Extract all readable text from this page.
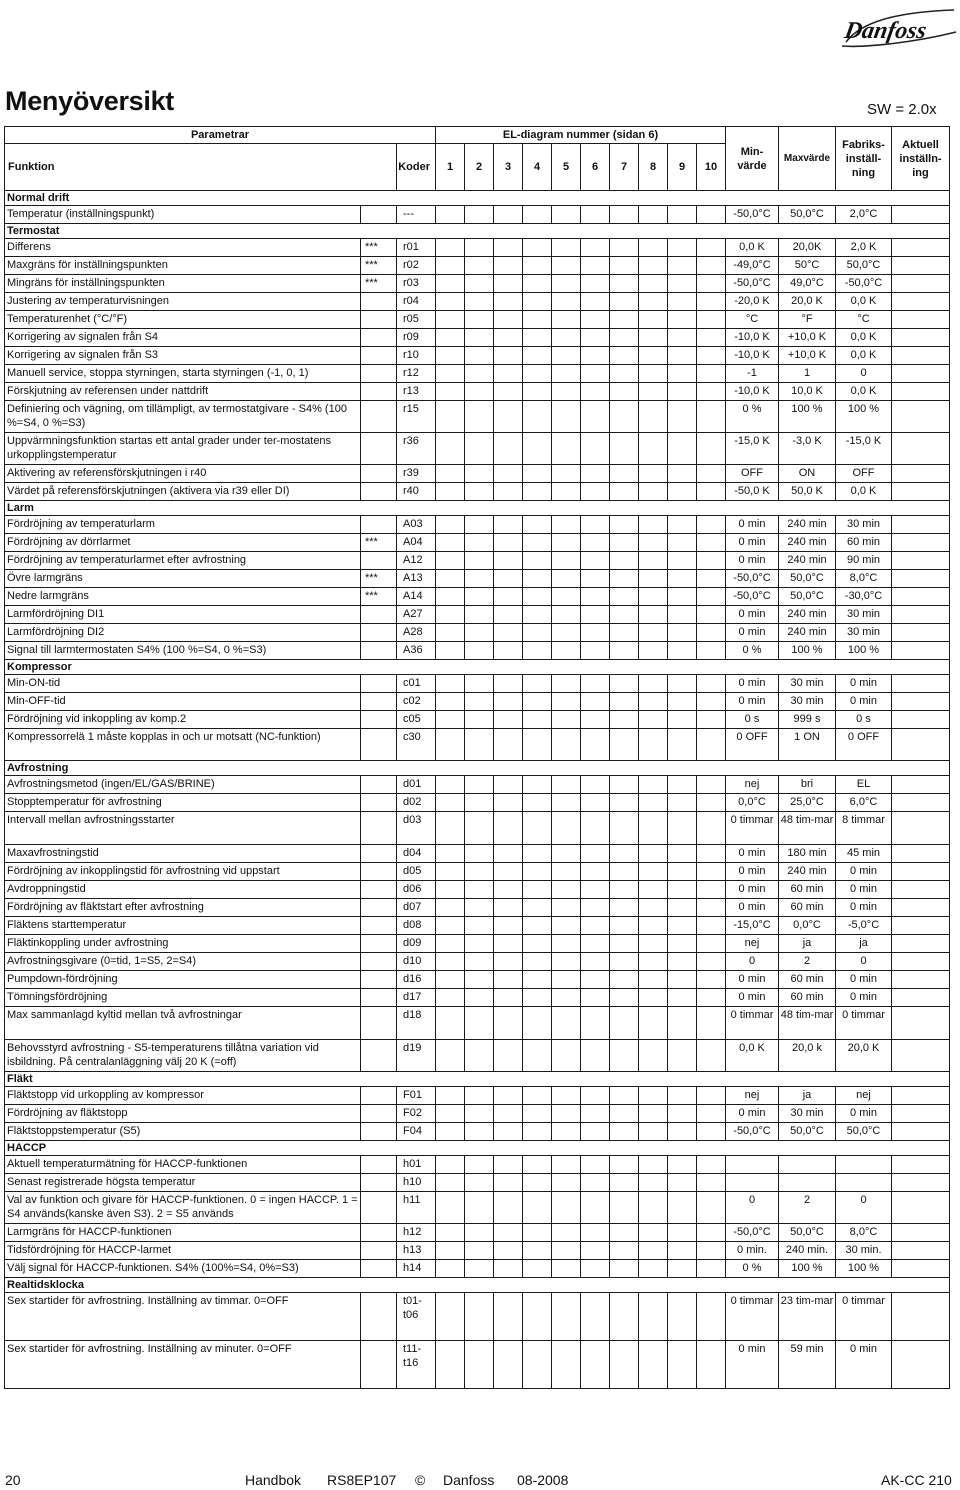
Danfoss
Menyöversikt	SW = 2.0x
Parametrar			EL-diagram nummer (sidan 6)										Min-värde	Maxvärde	Fabriks-inställ-ning	Aktuell inställn-ing
Funktion		Koder	1	2	3	4	5	6	7	8	9	10				
Normal drift																
Temperatur (inställningspunkt)		---											-50,0°C	50,0°C	2,0°C	
Termostat																
Differens	***	r01											0,0 K	20,0K	2,0 K	
Maxgräns för inställningspunkten	***	r02											-49,0°C	50°C	50,0°C	
Mingräns för inställningspunkten	***	r03											-50,0°C	49,0°C	-50,0°C	
Justering av temperaturvisningen		r04											-20,0 K	20,0 K	0,0 K	
Temperaturenhet (°C/°F)		r05											°C	°F	°C	
Korrigering av signalen från S4		r09											-10,0 K	+10,0 K	0,0 K	
Korrigering av signalen från S3		r10											-10,0 K	+10,0 K	0,0 K	
Manuell service, stoppa styrningen, starta styrningen (-1, 0, 1)		r12											-1	1	0	
Förskjutning av referensen under nattdrift		r13											-10,0 K	10,0 K	0,0 K	
Definiering och vägning, om tillämpligt, av termostatgivare - S4% (100 %=S4, 0 %=S3)		r15											0 %	100 %	100 %	
Uppvärmningsfunktion startas ett antal grader under ter-mostatens urkopplingstemperatur		r36											-15,0 K	-3,0 K	-15,0 K	
Aktivering av referensförskjutningen i r40		r39											OFF	ON	OFF	
Värdet på referensförskjutningen (aktivera via r39 eller DI)		r40											-50,0 K	50,0 K	0,0 K	
Larm																
Fördröjning av temperaturlarm		A03											0 min	240 min	30 min	
Fördröjning av dörrlarmet	***	A04											0 min	240 min	60 min	
Fördröjning av temperaturlarmet efter avfrostning		A12											0 min	240 min	90 min	
Övre larmgräns	***	A13											-50,0°C	50,0°C	8,0°C	
Nedre larmgräns	***	A14											-50,0°C	50,0°C	-30,0°C	
Larmfördröjning DI1		A27											0 min	240 min	30 min	
Larmfördröjning DI2		A28											0 min	240 min	30 min	
Signal till larmtermostaten S4% (100 %=S4, 0 %=S3)		A36											0 %	100 %	100 %	
Kompressor																
Min-ON-tid		c01											0 min	30 min	0 min	
Min-OFF-tid		c02											0 min	30 min	0 min	
Fördröjning vid inkoppling av komp.2		c05											0 s	999 s	0 s	
Kompressorrelä 1 måste kopplas in och ur motsatt (NC-funktion)		c30											0 OFF	1 ON	0 OFF	
Avfrostning																
Avfrostningsmetod (ingen/EL/GAS/BRINE)		d01											nej	bri	EL	
Stopptemperatur för avfrostning		d02											0,0°C	25,0°C	6,0°C	
Intervall mellan avfrostningsstarter		d03											0 timmar	48 tim-mar	8 timmar	
Maxavfrostningstid		d04											0 min	180 min	45 min	
Fördröjning av inkopplingstid för avfrostning vid uppstart		d05											0 min	240 min	0 min	
Avdroppningstid		d06											0 min	60 min	0 min	
Fördröjning av fläktstart efter avfrostning		d07											0 min	60 min	0 min	
Fläktens starttemperatur		d08											-15,0°C	0,0°C	-5,0°C	
Fläktinkoppling under avfrostning		d09											nej	ja	ja	
Avfrostningsgivare (0=tid, 1=S5, 2=S4)		d10											0	2	0	
Pumpdown-fördröjning		d16											0 min	60 min	0 min	
Tömningsfördröjning		d17											0 min	60 min	0 min	
Max sammanlagd kyltid mellan två avfrostningar		d18											0 timmar	48 tim-mar	0 timmar	
Behovsstyrd avfrostning - S5-temperaturens tillåtna variation vid isbildning. På centralanläggning välj 20 K (=off)		d19											0,0 K	20,0 k	20,0 K	
Fläkt																
Fläktstopp vid urkoppling av kompressor		F01											nej	ja	nej	
Fördröjning av fläktstopp		F02											0 min	30 min	0 min	
Fläktstoppstemperatur (S5)		F04											-50,0°C	50,0°C	50,0°C	
HACCP																
Aktuell temperaturmätning för HACCP-funktionen		h01														
Senast registrerade högsta temperatur		h10														
Val av funktion och givare för HACCP-funktionen. 0 = ingen HACCP. 1 = S4 används(kanske även S3). 2 = S5 används		h11											0	2	0	
Larmgräns för HACCP-funktionen		h12											-50,0°C	50,0°C	8,0°C	
Tidsfördröjning för HACCP-larmet		h13											0 min.	240 min.	30 min.	
Välj signal för HACCP-funktionen. S4% (100%=S4, 0%=S3)		h14											0 %	100 %	100 %	
Realtidsklocka																
Sex startider för avfrostning. Inställning av timmar. 0=OFF		t01-t06											0 timmar	23 tim-mar	0 timmar	
Sex startider för avfrostning. Inställning av minuter. 0=OFF		t11-t16											0 min	59 min	0 min	
20	Handbok RS8EP107 © Danfoss 08-2008	AK-CC 210
